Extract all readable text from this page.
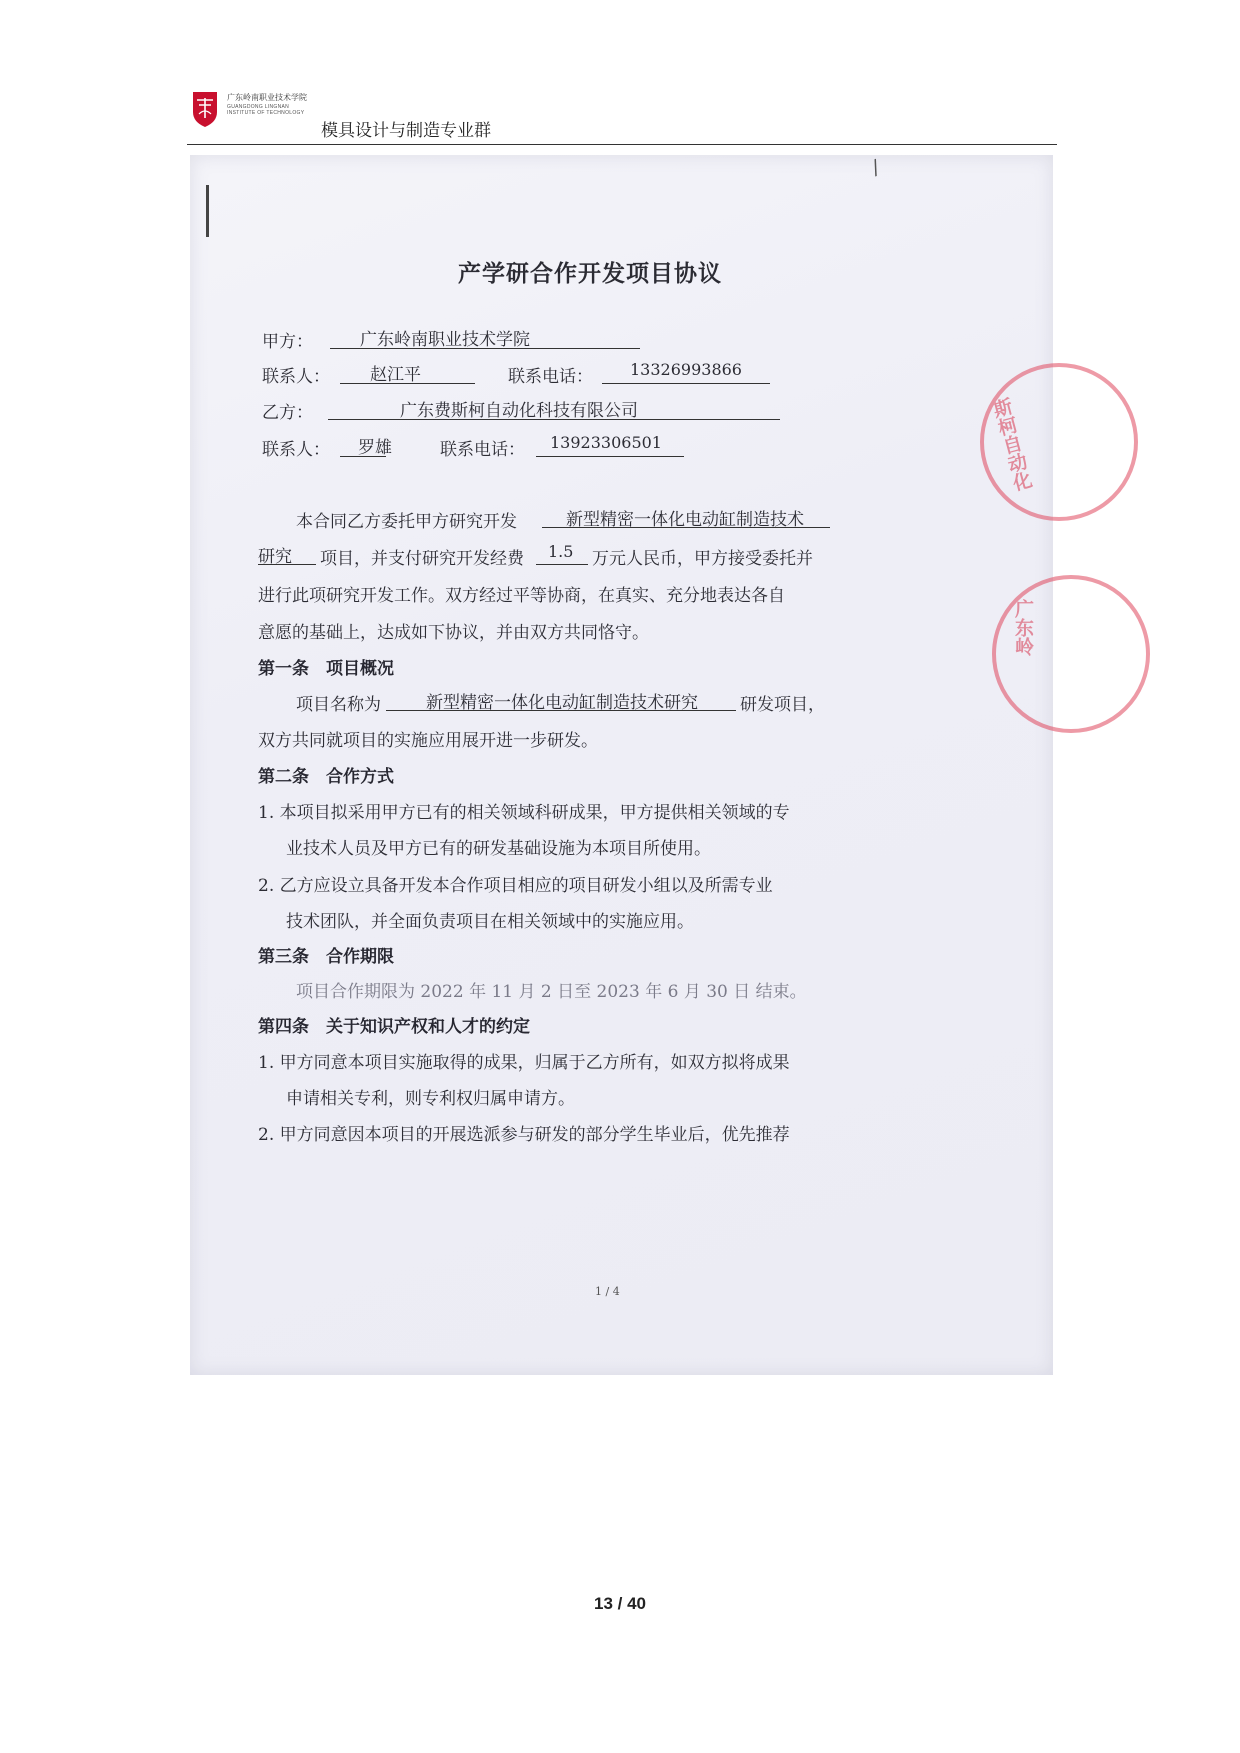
广东岭南职业技术学院
GUANGDONG LINGNAN INSTITUTE OF TECHNOLOGY
模具设计与制造专业群
/
产学研合作开发项目协议
甲方：	广东岭南职业技术学院
联系人： 赵江平	联系电话： 13326993866
乙方：	广东费斯柯自动化科技有限公司
联系人： 罗雄	联系电话： 13923306501
本合同乙方委托甲方研究开发	新型精密一体化电动缸制造技术
研究 项目，并支付研究开发经费 1.5 万元人民币，甲方接受委托并
进行此项研究开发工作。双方经过平等协商，在真实、充分地表达各自
意愿的基础上，达成如下协议，并由双方共同恪守。
第一条　项目概况
项目名称为	新型精密一体化电动缸制造技术研究 研发项目，
双方共同就项目的实施应用展开进一步研发。
第二条　合作方式
1. 本项目拟采用甲方已有的相关领域科研成果，甲方提供相关领域的专
业技术人员及甲方已有的研发基础设施为本项目所使用。
2. 乙方应设立具备开发本合作项目相应的项目研发小组以及所需专业
技术团队，并全面负责项目在相关领域中的实施应用。
第三条　合作期限
项目合作期限为 2022 年 11 月 2 日至 2023 年 6 月 30 日 结束。
第四条　关于知识产权和人才的约定
1. 甲方同意本项目实施取得的成果，归属于乙方所有，如双方拟将成果
申请相关专利，则专利权归属申请方。
2. 甲方同意因本项目的开展选派参与研发的部分学生毕业后，优先推荐
1 / 4
斯柯自动化
广东岭
13 / 40
